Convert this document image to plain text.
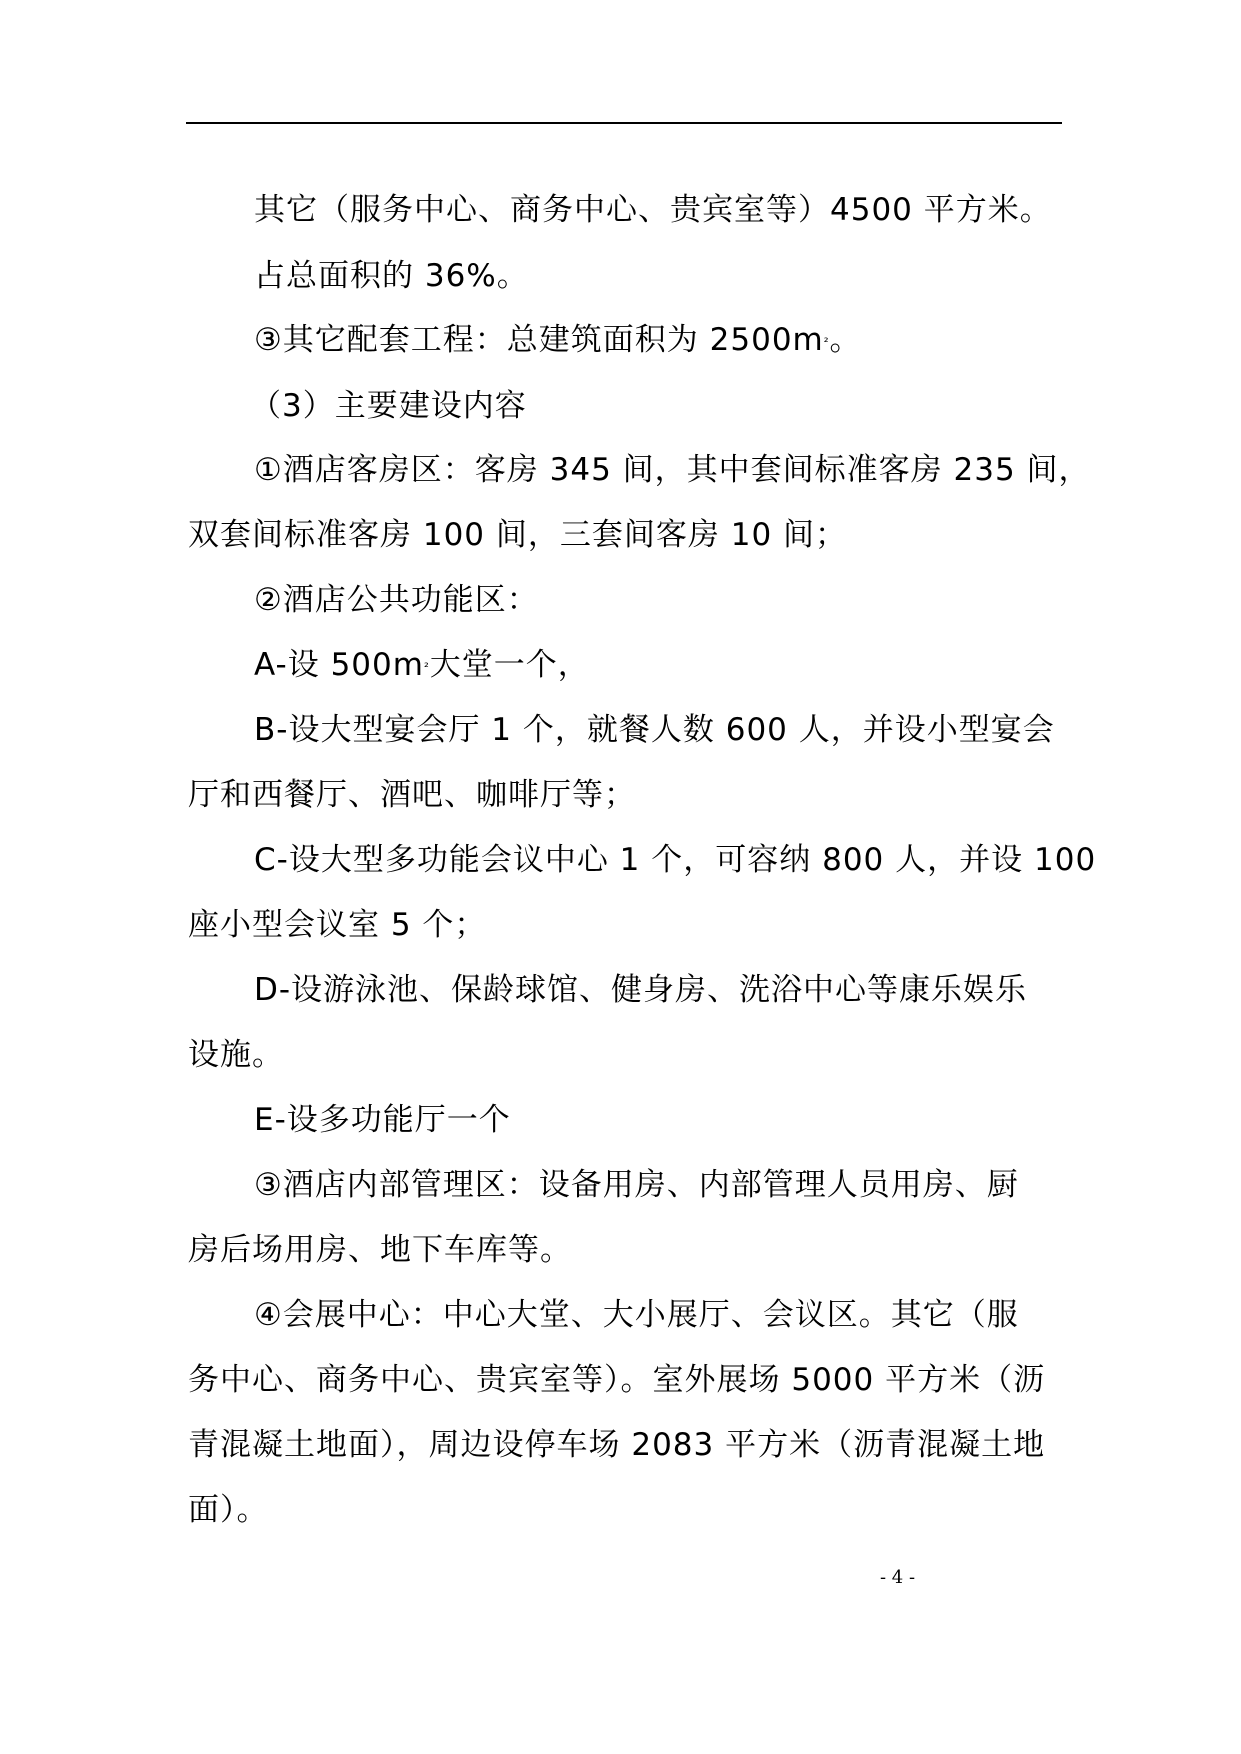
其它（服务中心、商务中心、贵宾室等）4500 平方米。
占总面积的 36%。
③其它配套工程：总建筑面积为 $2500m^{^2}$。
（3）主要建设内容
①酒店客房区：客房 345 间，其中套间标准客房 235 间，
双套间标准客房 100 间，三套间客房 10 间；
②酒店公共功能区：
A-设 $500m^{^2}$大堂一个，
B-设大型宴会厅 1 个，就餐人数 600 人，并设小型宴会
厅和西餐厅、酒吧、咖啡厅等；
C-设大型多功能会议中心 1 个，可容纳 800 人，并设 100
座小型会议室 5 个；
D-设游泳池、保龄球馆、健身房、洗浴中心等康乐娱乐
设施。
E-设多功能厅一个
③酒店内部管理区：设备用房、内部管理人员用房、厨
房后场用房、地下车库等。
④会展中心：中心大堂、大小展厅、会议区。其它（服
务中心、商务中心、贵宾室等）。室外展场 5000 平方米（沥
青混凝土地面），周边设停车场 2083 平方米（沥青混凝土地
面）。
- 4 -
